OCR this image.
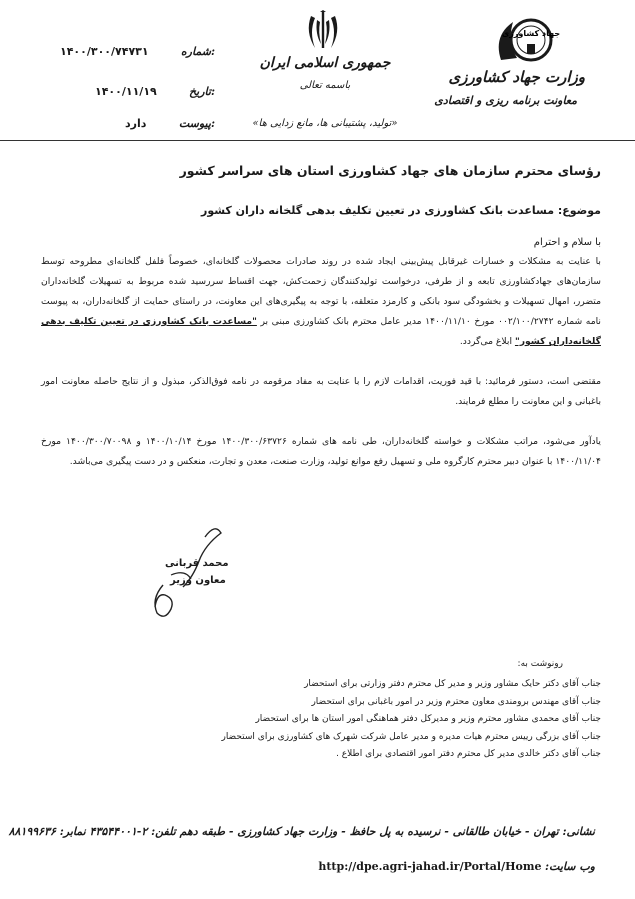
جهاد کشاورزی
وزارت جهاد کشاورزی
معاونت برنامه ریزی و اقتصادی
جمهوری اسلامی ایران
باسمه تعالی
«تولید، پشتیبانی ها، مانع زدایی ها»
شماره:
۱۴۰۰/۳۰۰/۷۴۷۳۱
تاریخ:
۱۴۰۰/۱۱/۱۹
پیوست:
دارد
رؤسای محترم سازمان های جهاد کشاورزی استان های سراسر کشور
موضوع: مساعدت بانک کشاورزی در تعیین تکلیف بدهی گلخانه داران کشور
با سلام و احترام
با عنایت به مشکلات و خسارات غیرقابل پیش‌بینی ایجاد شده در روند صادرات محصولات گلخانه‌ای، خصوصاً فلفل گلخانه‌ای مطروحه توسط سازمان‌های جهادکشاورزی تابعه و از طرفی، درخواست تولیدکنندگان زحمت‌کش، جهت اقساط سررسید شده مربوط به تسهیلات گلخانه‌داران متضرر، امهال تسهیلات و بخشودگی سود بانکی و کارمزد متعلقه، با توجه به پیگیری‌های این معاونت، در راستای حمایت از گلخانه‌داران، به پیوست نامه شماره ۰۰۲/۱۰۰/۲۷۴۲ مورخ ۱۴۰۰/۱۱/۱۰ مدیر عامل محترم بانک کشاورزی مبنی بر "مساعدت بانک کشاورزی در تعیین تکلیف بدهی گلخانه‌داران کشور" ابلاغ می‌گردد.
مقتضی است، دستور فرمائید: با قید فوریت، اقدامات لازم را با عنایت به مفاد مرقومه در نامه فوق‌الذکر، مبذول و از نتایج حاصله معاونت امور باغبانی و این معاونت را مطلع فرمایند.
یادآور می‌شود، مراتب مشکلات و خواسته گلخانه‌داران، طی نامه های شماره ۱۴۰۰/۳۰۰/۶۳۷۲۶ مورخ ۱۴۰۰/۱۰/۱۴ و ۱۴۰۰/۳۰۰/۷۰۰۹۸ مورخ ۱۴۰۰/۱۱/۰۴ با عنوان دبیر محترم کارگروه ملی و تسهیل رفع موانع تولید، وزارت صنعت، معدن و تجارت، منعکس و در دست پیگیری می‌باشد.
محمد قربانی
معاون وزیر
رونوشت به:
جناب آقای دکتر حایک مشاور وزیر و مدیر کل محترم دفتر وزارتی برای استحضار
جناب آقای مهندس برومندی معاون محترم وزیر در امور باغبانی برای استحضار
جناب آقای محمدی مشاور محترم وزیر و مدیرکل دفتر هماهنگی امور استان ها برای استحضار
جناب آقای بزرگی رییس محترم هیات مدیره و مدیر عامل شرکت شهرک های کشاورزی برای استحضار
جناب آقای دکتر خالدی مدیر کل محترم دفتر امور اقتصادی برای اطلاع .
نشانی: تهران - خیابان طالقانی - نرسیده به پل حافظ - وزارت جهاد کشاورزی - طبقه دهم تلفن: ۲-۴۳۵۴۴۰۰۱ نمابر: ۸۸۱۹۹۶۳۶
وب سایت: http://dpe.agri-jahad.ir/Portal/Home
